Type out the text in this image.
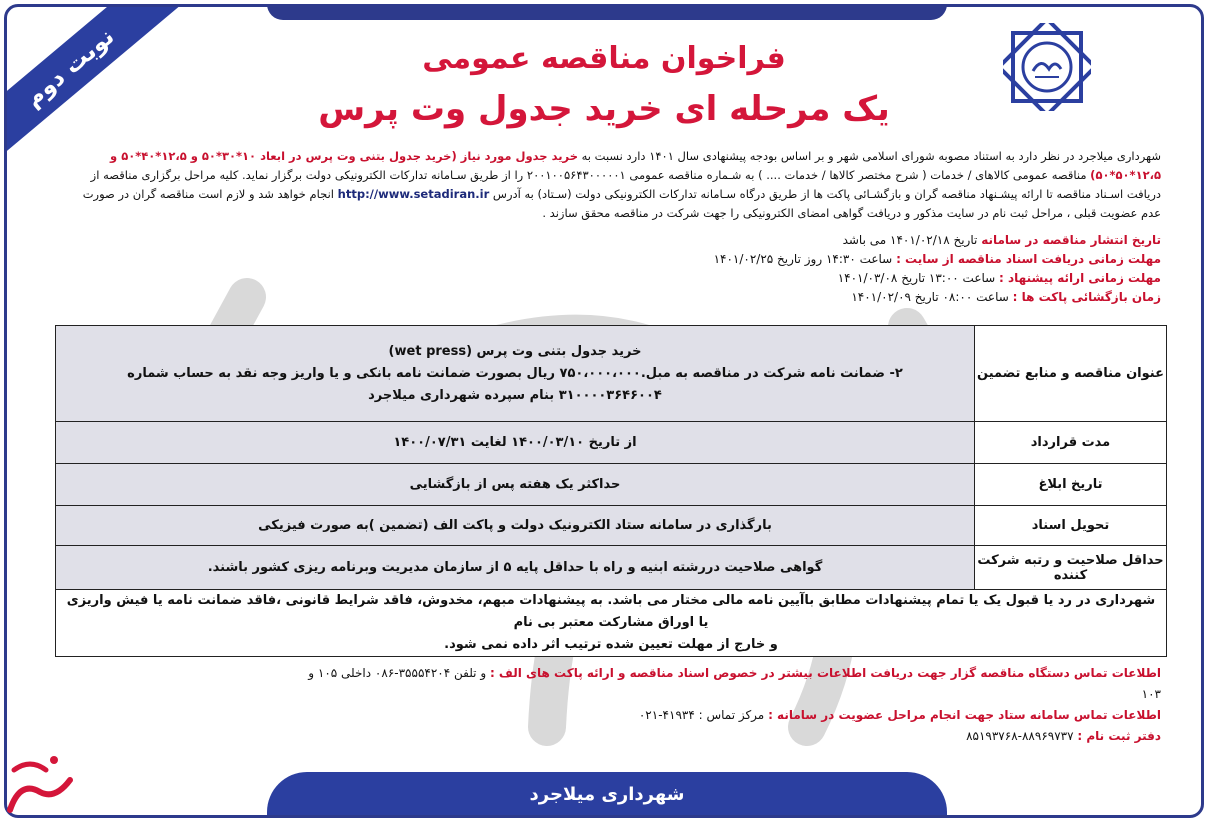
نوبت دوم	فراخوان مناقصه عمومی
یک مرحله ای خرید جدول وت پرس
شهرداری میلاجرد در نظر دارد به استناد مصوبه شورای اسلامی شهر و بر اساس بودجه پیشنهادی سال ۱۴۰۱ دارد نسبت به خرید جدول مورد نیاز (خرید جدول بتنی وت پرس در ابعاد ۱۰*۳۰*۵۰ و ۱۲،۵*۴۰*۵۰ و ۱۲،۵*۵۰*۵۰) مناقصه عمومی کالاهای / خدمات ( شرح مختصر کالاها / خدمات .... ) به شـماره مناقصه عمومی ۲۰۰۱۰۰۵۶۴۳۰۰۰۰۰۱ را از طریق سـامانه تدارکات الکترونیکی دولت برگزار نماید. کلیه مراحل برگزاری مناقصه از دریافت اسـناد مناقصه تا ارائه پیشـنهاد مناقصه گران و بازگشـائی پاکت ها از طریق درگاه سـامانه تدارکات الکترونیکی دولت (سـتاد) به آدرس http://www.setadiran.ir انجام خواهد شد و لازم است مناقصه گران در صورت عدم عضویت قبلی ، مراحل ثبت نام در سایت مذکور و دریافت گواهی امضای الکترونیکی را جهت شرکت در مناقصه محقق سازند .
تاریخ انتشار مناقصه در سامانه تاریخ ۱۴۰۱/۰۲/۱۸ می باشد
مهلت زمانی دریافت اسناد مناقصه از سایت : ساعت ۱۴:۳۰ روز تاریخ ۱۴۰۱/۰۲/۲۵
مهلت زمانی ارائه پیشنهاد : ساعت ۱۳:۰۰ تاریخ ۱۴۰۱/۰۳/۰۸
زمان بازگشائی پاکت ها : ساعت ۰۸:۰۰ تاریخ ۱۴۰۱/۰۲/۰۹
عنوان مناقصه و منابع تضمین	خرید جدول بتنی وت پرس (wet press)
۲- ضمانت نامه شرکت در مناقصه به مبل.۷۵۰،۰۰۰،۰۰۰ ریال بصورت ضمانت نامه بانکی و یا واریز وجه نقد به حساب شماره
۳۱۰۰۰۰۳۶۴۶۰۰۴ بنام سپرده شهرداری میلاجرد

مدت قرارداد	از تاریخ ۱۴۰۰/۰۳/۱۰ لغایت ۱۴۰۰/۰۷/۳۱
تاریخ ابلاغ	حداکثر یک هفته پس از بازگشایی
تحویل اسناد	بارگذاری در سامانه ستاد الکترونیک دولت و پاکت الف (تضمین )به صورت فیزیکی
حداقل صلاحیت و رتبه شرکت کننده	گواهی صلاحیت دررشته ابنیه و راه با حداقل پایه ۵ از سازمان مدیریت وبرنامه ریزی کشور باشند.

شهرداری در رد یا قبول یک یا تمام پیشنهادات مطابق باآیین نامه مالی مختار می باشد. به پیشنهادات مبهم، مخدوش، فاقد شرایط قانونی ،فاقد ضمانت نامه یا فیش واریزی یا اوراق مشارکت معتبر بی نام
و خارج از مهلت تعیین شده ترتیب اثر داده نمی شود.	
اطلاعات تماس دستگاه مناقصه گزار جهت دریافت اطلاعات بیشتر در خصوص اسناد مناقصه و ارائه پاکت های الف : و تلفن ۳۵۵۵۴۲۰۴-۰۸۶ داخلی ۱۰۵ و ۱۰۳
اطلاعات تماس سامانه ستاد جهت انجام مراحل عضویت در سامانه : مرکز تماس : ۴۱۹۳۴-۰۲۱
دفتر ثبت نام : ۸۸۹۶۹۷۳۷-۸۵۱۹۳۷۶۸
شهرداری میلاجرد
